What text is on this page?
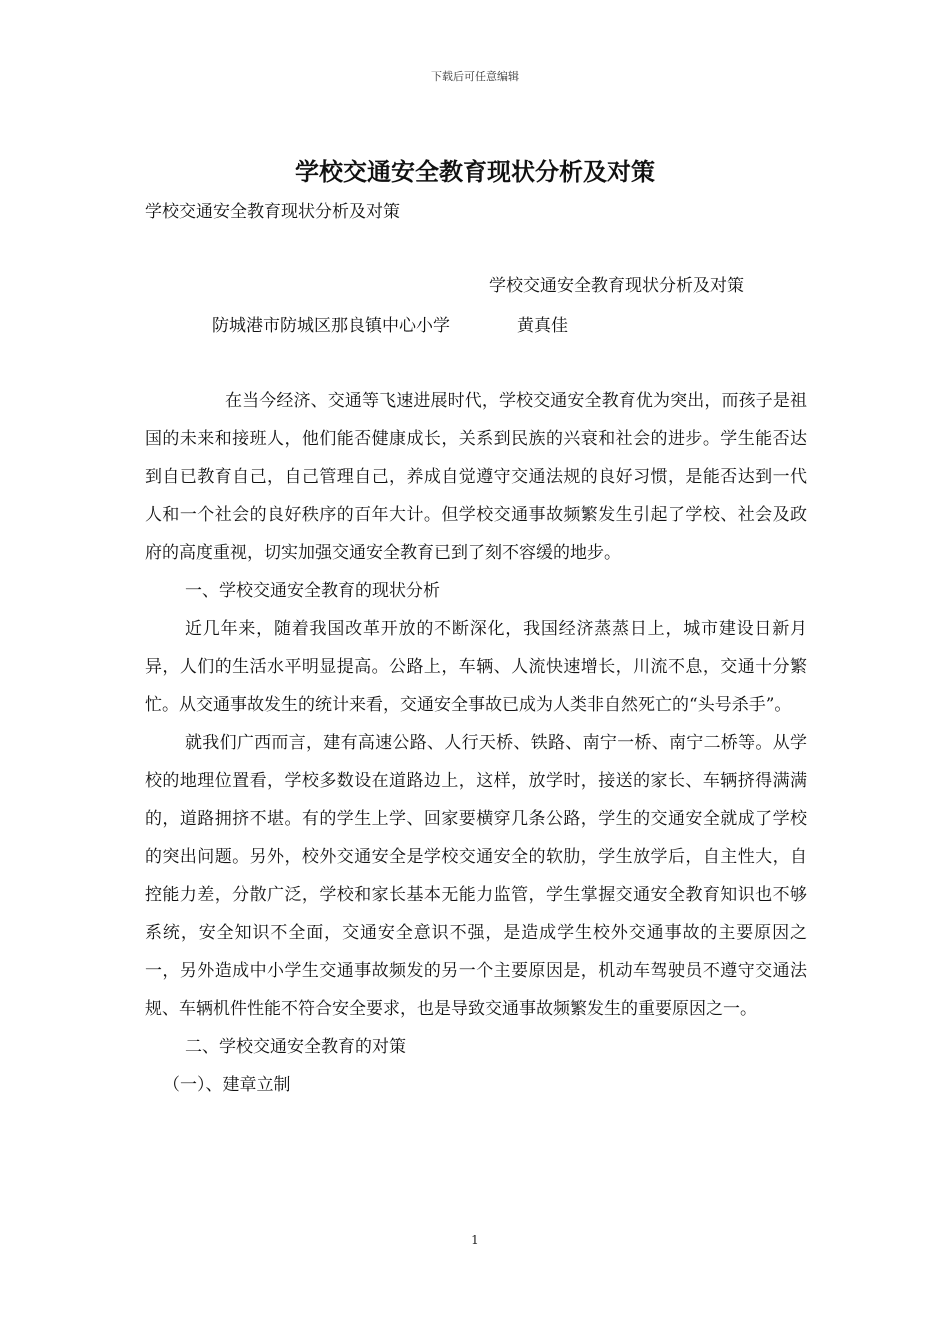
下载后可任意编辑
学校交通安全教育现状分析及对策
学校交通安全教育现状分析及对策
学校交通安全教育现状分析及对策
防城港市防城区那良镇中心小学	黄真佳

在当今经济、交通等飞速进展时代，学校交通安全教育优为突出，而孩子是祖国的未来和接班人，他们能否健康成长，关系到民族的兴衰和社会的进步。学生能否达到自已教育自己，自己管理自己，养成自觉遵守交通法规的良好习惯，是能否达到一代人和一个社会的良好秩序的百年大计。但学校交通事故频繁发生引起了学校、社会及政府的高度重视，切实加强交通安全教育已到了刻不容缓的地步。

一、学校交通安全教育的现状分析

近几年来，随着我国改革开放的不断深化，我国经济蒸蒸日上，城市建设日新月异，人们的生活水平明显提高。公路上，车辆、人流快速增长，川流不息，交通十分繁忙。从交通事故发生的统计来看，交通安全事故已成为人类非自然死亡的“头号杀手”。

就我们广西而言，建有高速公路、人行天桥、铁路、南宁一桥、南宁二桥等。从学校的地理位置看，学校多数设在道路边上，这样，放学时，接送的家长、车辆挤得满满的，道路拥挤不堪。有的学生上学、回家要横穿几条公路，学生的交通安全就成了学校的突出问题。另外，校外交通安全是学校交通安全的软肋，学生放学后，自主性大，自控能力差，分散广泛，学校和家长基本无能力监管，学生掌握交通安全教育知识也不够系统，安全知识不全面，交通安全意识不强，是造成学生校外交通事故的主要原因之一，另外造成中小学生交通事故频发的另一个主要原因是，机动车驾驶员不遵守交通法规、车辆机件性能不符合安全要求，也是导致交通事故频繁发生的重要原因之一。

二、学校交通安全教育的对策

（一）、建章立制

1
